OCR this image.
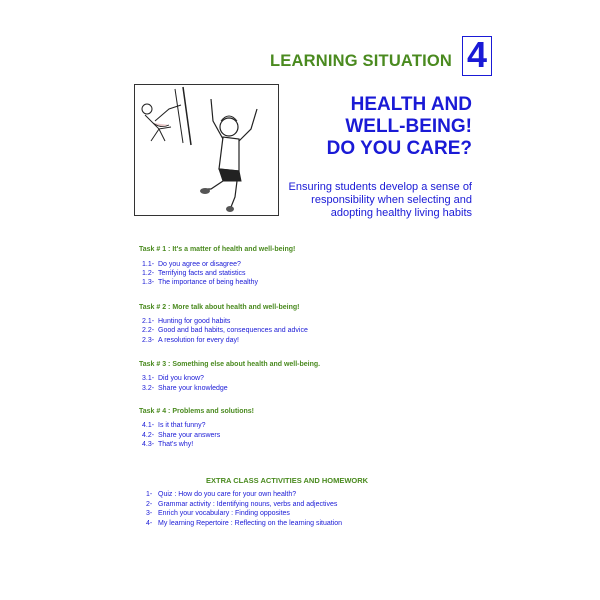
LEARNING SITUATION 4
HEALTH AND
WELL-BEING!
DO YOU CARE?
Ensuring students develop a sense of
responsibility when selecting and
adopting healthy living habits
Task # 1 : It's a matter of health and well-being!
1.1- Do you agree or disagree?
1.2- Terrifying facts and statistics
1.3- The importance of being healthy
Task # 2 : More talk about health and well-being!
2.1- Hunting for good habits
2.2- Good and bad habits, consequences and advice
2.3- A resolution for every day!
Task # 3 : Something else about health and well-being.
3.1- Did you know?
3.2- Share your knowledge
Task # 4 : Problems and solutions!
4.1- Is it that funny?
4.2- Share your answers
4.3- That's why!
EXTRA CLASS ACTIVITIES AND HOMEWORK
1- Quiz : How do you care for your own health?
2- Grammar activity : Identifying nouns, verbs and adjectives
3- Enrich your vocabulary : Finding opposites
4- My learning Repertoire : Reflecting on the learning situation
